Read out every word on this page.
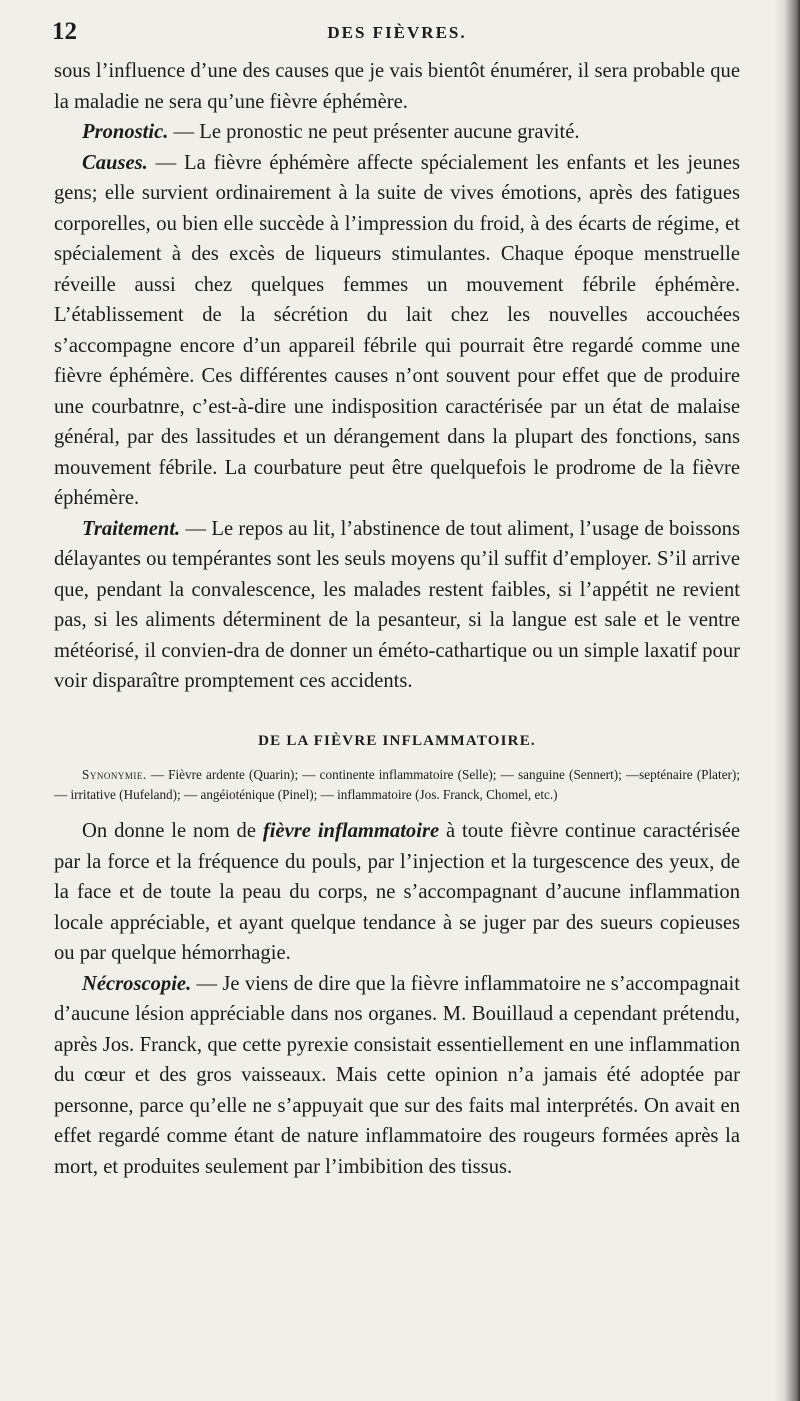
12	DES FIÈVRES.

sous l’influence d’une des causes que je vais bientôt énumérer, il sera probable que la maladie ne sera qu’une fièvre éphémère.

Pronostic. — Le pronostic ne peut présenter aucune gravité.

Causes. — La fièvre éphémère affecte spécialement les enfants et les jeunes gens; elle survient ordinairement à la suite de vives émotions, après des fatigues corporelles, ou bien elle succède à l’impression du froid, à des écarts de régime, et spécialement à des excès de liqueurs stimulantes. Chaque époque menstruelle réveille aussi chez quelques femmes un mouvement fébrile éphémère. L’établissement de la sécrétion du lait chez les nouvelles accouchées s’accompagne encore d’un appareil fébrile qui pourrait être regardé comme une fièvre éphémère. Ces différentes causes n’ont souvent pour effet que de produire une courbatnre, c’est-à-dire une indisposition caractérisée par un état de malaise général, par des lassitudes et un dérangement dans la plupart des fonctions, sans mouvement fébrile. La courbature peut être quelquefois le prodrome de la fièvre éphémère.

Traitement. — Le repos au lit, l’abstinence de tout aliment, l’usage de boissons délayantes ou tempérantes sont les seuls moyens qu’il suffit d’employer. S’il arrive que, pendant la convalescence, les malades restent faibles, si l’appétit ne revient pas, si les aliments déterminent de la pesanteur, si la langue est sale et le ventre météorisé, il convien-dra de donner un éméto-cathartique ou un simple laxatif pour voir disparaître promptement ces accidents.

DE LA FIÈVRE INFLAMMATOIRE.

Synonymie. — Fièvre ardente (Quarin); — continente inflammatoire (Selle); — sanguine (Sennert); —septénaire (Plater); — irritative (Hufeland); — angéioténique (Pinel); — inflammatoire (Jos. Franck, Chomel, etc.)

On donne le nom de fièvre inflammatoire à toute fièvre continue caractérisée par la force et la fréquence du pouls, par l’injection et la turgescence des yeux, de la face et de toute la peau du corps, ne s’accompagnant d’aucune inflammation locale appréciable, et ayant quelque tendance à se juger par des sueurs copieuses ou par quelque hémorrhagie.

Nécroscopie. — Je viens de dire que la fièvre inflammatoire ne s’accompagnait d’aucune lésion appréciable dans nos organes. M. Bouillaud a cependant prétendu, après Jos. Franck, que cette pyrexie consistait essentiellement en une inflammation du cœur et des gros vaisseaux. Mais cette opinion n’a jamais été adoptée par personne, parce qu’elle ne s’appuyait que sur des faits mal interprétés. On avait en effet regardé comme étant de nature inflammatoire des rougeurs formées après la mort, et produites seulement par l’imbibition des tissus.
